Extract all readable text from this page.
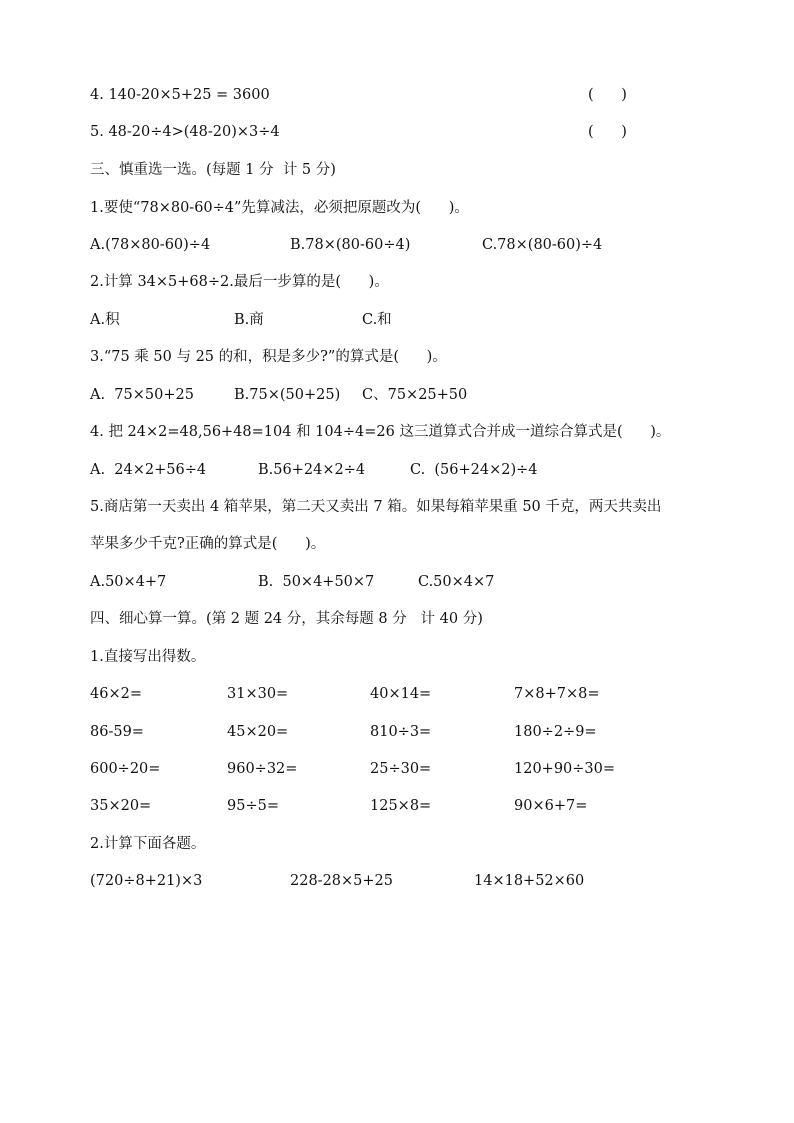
4. 140-20×5+25 = 3600	(      )
5. 48-20÷4>(48-20)×3÷4	(      )
三、慎重选一选。(每题 1 分  计 5 分)
1.要使“78×80-60÷4”先算减法，必须把原题改为(      )。
A.(78×80-60)÷4	B.78×(80-60÷4)	C.78×(80-60)÷4
2.计算 34×5+68÷2.最后一步算的是(      )。
A.积	B.商	C.和
3.“75 乘 50 与 25 的和，积是多少?”的算式是(      )。
A.  75×50+25	B.75×(50+25) C、75×25+50
4. 把 24×2=48,56+48=104 和 104÷4=26 这三道算式合并成一道综合算式是(      )。
A.  24×2+56÷4	B.56+24×2÷4	C.  (56+24×2)÷4
5.商店第一天卖出 4 箱苹果，第二天又卖出 7 箱。如果每箱苹果重 50 千克，两天共卖出
苹果多少千克?正确的算式是(      )。
A.50×4+7	B.  50×4+50×7	C.50×4×7
四、细心算一算。(第 2 题 24 分，其余每题 8 分   计 40 分)
1.直接写出得数。
46×2=	31×30=	40×14=	7×8+7×8=
86-59=	45×20=	810÷3=	180÷2÷9=
600÷20=	960÷32=	25÷30=	120+90÷30=
35×20=	95÷5=	125×8=	90×6+7=
2.计算下面各题。
(720÷8+21)×3	228-28×5+25	14×18+52×60
